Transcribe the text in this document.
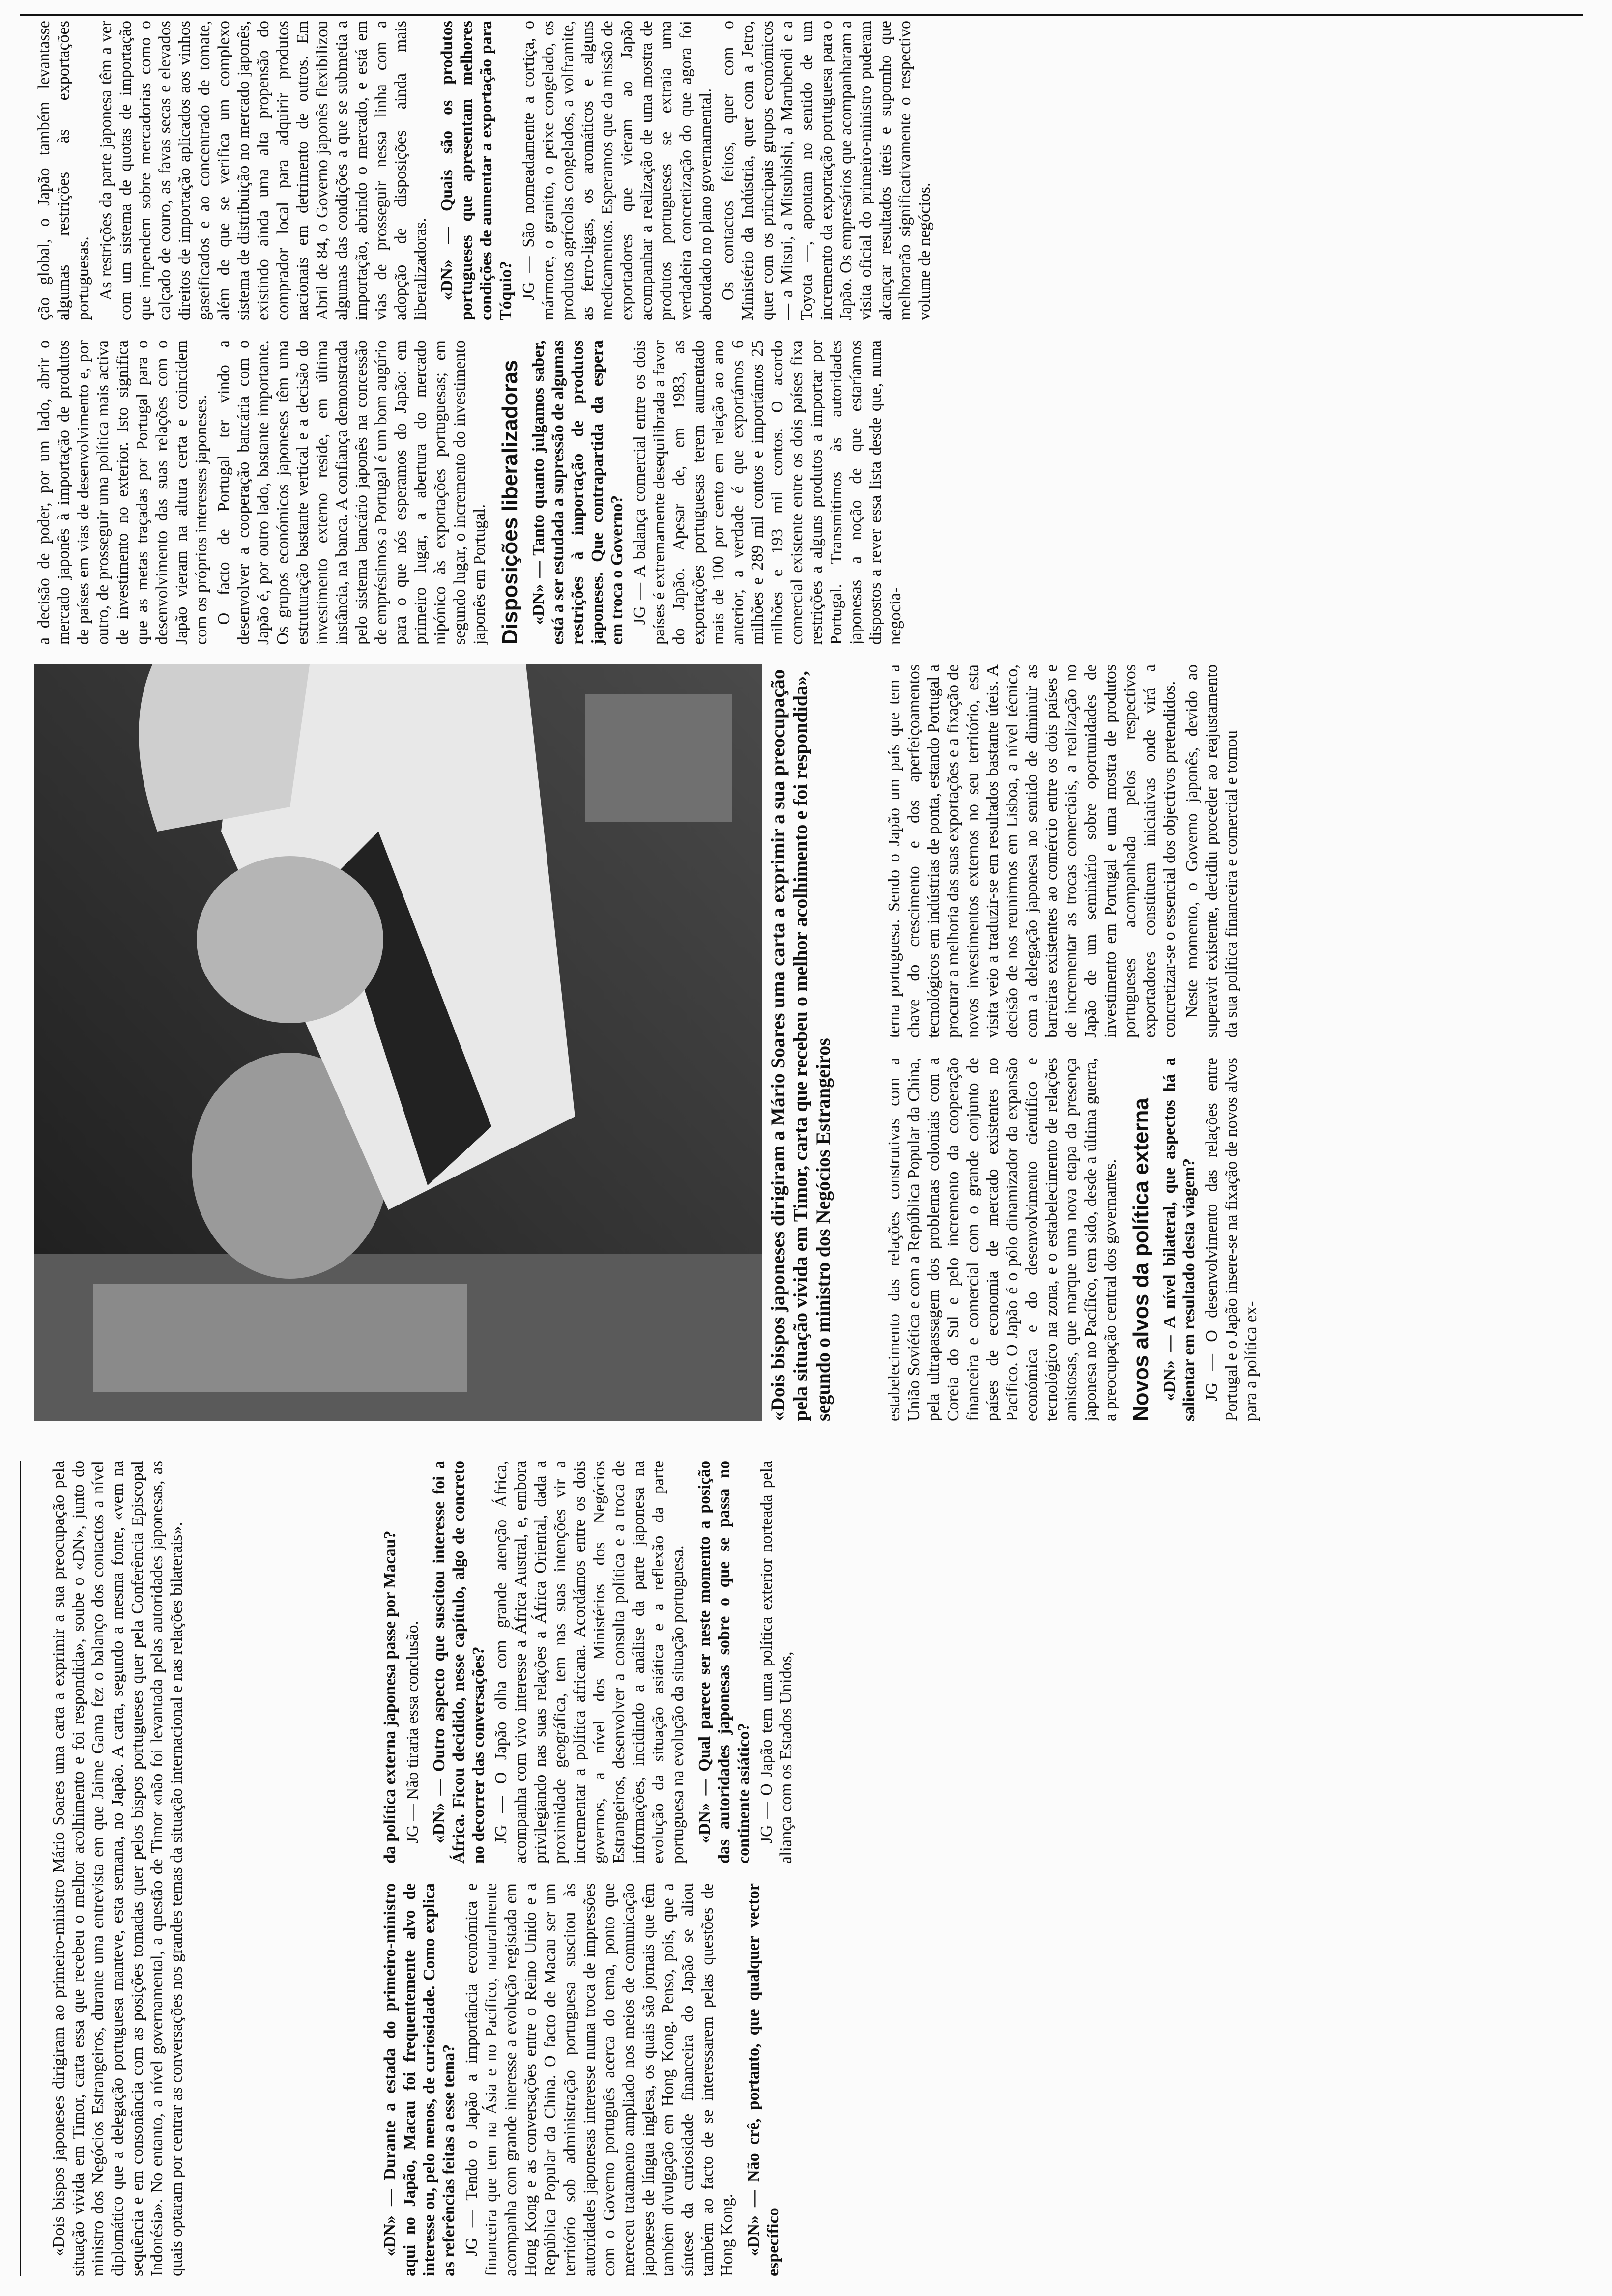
«Dois bispos japoneses dirigiram ao primeiro-ministro Mário Soares uma carta a exprimir a sua preocupação pela situação vivida em Timor, carta essa que recebeu o melhor acolhimento e foi respondida», soube o «DN», junto do ministro dos Negócios Estrangeiros, durante uma entrevista em que Jaime Gama fez o balanço dos contactos a nível diplomático que a delegação portuguesa manteve, esta semana, no Japão. A carta, segundo a mesma fonte, «vem na sequência e em consonância com as posições tomadas quer pelos bispos portugueses quer pela Conferência Episcopal Indonésia». No entanto, a nível governamental, a questão de Timor «não foi levantada pelas autoridades japonesas, as quais optaram por centrar as conversações nos grandes temas da situação internacional e nas relações bilaterais».	«DN» — Durante a estada do primeiro-ministro aqui no Japão, Macau foi frequentemente alvo de interesse ou, pelo menos, de curiosidade. Como explica as referências feitas a esse tema? JG — Tendo o Japão a importância económica e financeira que tem na Ásia e no Pacífico, naturalmente acompanha com grande interesse a evolução registada em Hong Kong e as conversações entre o Reino Unido e a República Popular da China. O facto de Macau ser um território sob administração portuguesa suscitou às autoridades japonesas interesse numa troca de impressões com o Governo português acerca do tema, ponto que mereceu tratamento ampliado nos meios de comunicação japoneses de língua inglesa, os quais são jornais que têm também divulgação em Hong Kong. Penso, pois, que a síntese da curiosidade financeira do Japão se aliou também ao facto de se interessarem pelas questões de Hong Kong. «DN» — Não crê, portanto, que qualquer vector específico

da política externa japonesa passe por Macau? JG — Não tiraria essa conclusão. «DN» — Outro aspecto que suscitou interesse foi a África. Ficou decidido, nesse capítulo, algo de concreto no decorrer das conversações? JG — O Japão olha com grande atenção África, acompanha com vivo interesse a África Austral, e, embora privilegiando nas suas relações a África Oriental, dada a proximidade geográfica, tem nas suas intenções vir a incrementar a política africana. Acordámos entre os dois governos, a nível dos Ministérios dos Negócios Estrangeiros, desenvolver a consulta política e a troca de informações, incidindo a análise da parte japonesa na evolução da situação asiática e a reflexão da parte portuguesa na evolução da situação portuguesa. «DN» — Qual parece ser neste momento a posição das autoridades japonesas sobre o que se passa no continente asiático? JG — O Japão tem uma política exterior norteada pela aliança com os Estados Unidos,

«Dois bispos japoneses dirigiram a Mário Soares uma carta a exprimir a sua preocupação pela situação vivida em Timor, carta que recebeu o melhor acolhimento e foi respondida», segundo o ministro dos Negócios Estrangeiros	estabelecimento das relações construtivas com a União Soviética e com a República Popular da China, pela ultrapassagem dos problemas coloniais com a Coreia do Sul e pelo incremento da cooperação financeira e comercial com o grande conjunto de países de economia de mercado existentes no Pacífico. O Japão é o pólo dinamizador da expansão económica e do desenvolvimento científico e tecnológico na zona, e o estabelecimento de relações amistosas, que marque uma nova etapa da presença japonesa no Pacífico, tem sido, desde a última guerra, a preocupação central dos governantes. Novos alvos da política externa «DN» — A nível bilateral, que aspectos há a salientar em resultado desta viagem? JG — O desenvolvimento das relações entre Portugal e o Japão insere-se na fixação de novos alvos para a política ex-

terna portuguesa. Sendo o Japão um país que tem a chave do crescimento e dos aperfeiçoamentos tecnológicos em indústrias de ponta, estando Portugal a procurar a melhoria das suas exportações e a fixação de novos investimentos externos no seu território, esta visita veio a traduzir-se em resultados bastante úteis. A decisão de nos reunirmos em Lisboa, a nível técnico, com a delegação japonesa no sentido de diminuir as barreiras existentes ao comércio entre os dois países e de incrementar as trocas comerciais, a realização no Japão de um seminário sobre oportunidades de investimento em Portugal e uma mostra de produtos portugueses acompanhada pelos respectivos exportadores constituem iniciativas onde virá a concretizar-se o essencial dos objectivos pretendidos. Neste momento, o Governo japonês, devido ao superavit existente, decidiu proceder ao reajustamento da sua política financeira e comercial e tomou

a decisão de poder, por um lado, abrir o mercado japonês à importação de produtos de países em vias de desenvolvimento e, por outro, de prosseguir uma política mais activa de investimento no exterior. Isto significa que as metas traçadas por Portugal para o desenvolvimento das suas relações com o Japão vieram na altura certa e coincidem com os próprios interesses japoneses. O facto de Portugal ter vindo a desenvolver a cooperação bancária com o Japão é, por outro lado, bastante importante. Os grupos económicos japoneses têm uma estruturação bastante vertical e a decisão do investimento externo reside, em última instância, na banca. A confiança demonstrada pelo sistema bancário japonês na concessão de empréstimos a Portugal é um bom augúrio para o que nós esperamos do Japão: em primeiro lugar, a abertura do mercado nipónico às exportações portuguesas; em segundo lugar, o incremento do investimento japonês em Portugal. Disposições liberalizadoras «DN» — Tanto quanto julgamos saber, está a ser estudada a supressão de algumas restrições à importação de produtos japoneses. Que contrapartida da espera em troca o Governo? JG — A balança comercial entre os dois países é extremamente desequilibrada a favor do Japão. Apesar de, em 1983, as exportações portuguesas terem aumentado mais de 100 por cento em relação ao ano anterior, a verdade é que exportámos 6 milhões e 289 mil contos e importámos 25 milhões e 193 mil contos. O acordo comercial existente entre os dois países fixa restrições a alguns produtos a importar por Portugal. Transmitimos às autoridades japonesas a noção de que estaríamos dispostos a rever essa lista desde que, numa negocia-

ção global, o Japão também levantasse algumas restrições às exportações portuguesas. As restrições da parte japonesa têm a ver com um sistema de quotas de importação que impendem sobre mercadorias como o calçado de couro, as favas secas e elevados direitos de importação aplicados aos vinhos gaseificados e ao concentrado de tomate, além de que se verifica um complexo sistema de distribuição no mercado japonês, existindo ainda uma alta propensão do comprador local para adquirir produtos nacionais em detrimento de outros. Em Abril de 84, o Governo japonês flexibilizou algumas das condições a que se submetia a importação, abrindo o mercado, e está em vias de prosseguir nessa linha com a adopção de disposições ainda mais liberalizadoras. «DN» — Quais são os produtos portugueses que apresentam melhores condições de aumentar a exportação para Tóquio? JG — São nomeadamente a cortiça, o mármore, o granito, o peixe congelado, os produtos agrícolas congelados, a volframite, as ferro-ligas, os aromáticos e alguns medicamentos. Esperamos que da missão de exportadores que vieram ao Japão acompanhar a realização de uma mostra de produtos portugueses se extraia uma verdadeira concretização do que agora foi abordado no plano governamental. Os contactos feitos, quer com o Ministério da Indústria, quer com a Jetro, quer com os principais grupos económicos — a Mitsui, a Mitsubishi, a Marubendi e a Toyota —, apontam no sentido de um incremento da exportação portuguesa para o Japão. Os empresários que acompanharam a visita oficial do primeiro-ministro puderam alcançar resultados úteis e supomho que melhorarão significativamente o respectivo volume de negócios.
